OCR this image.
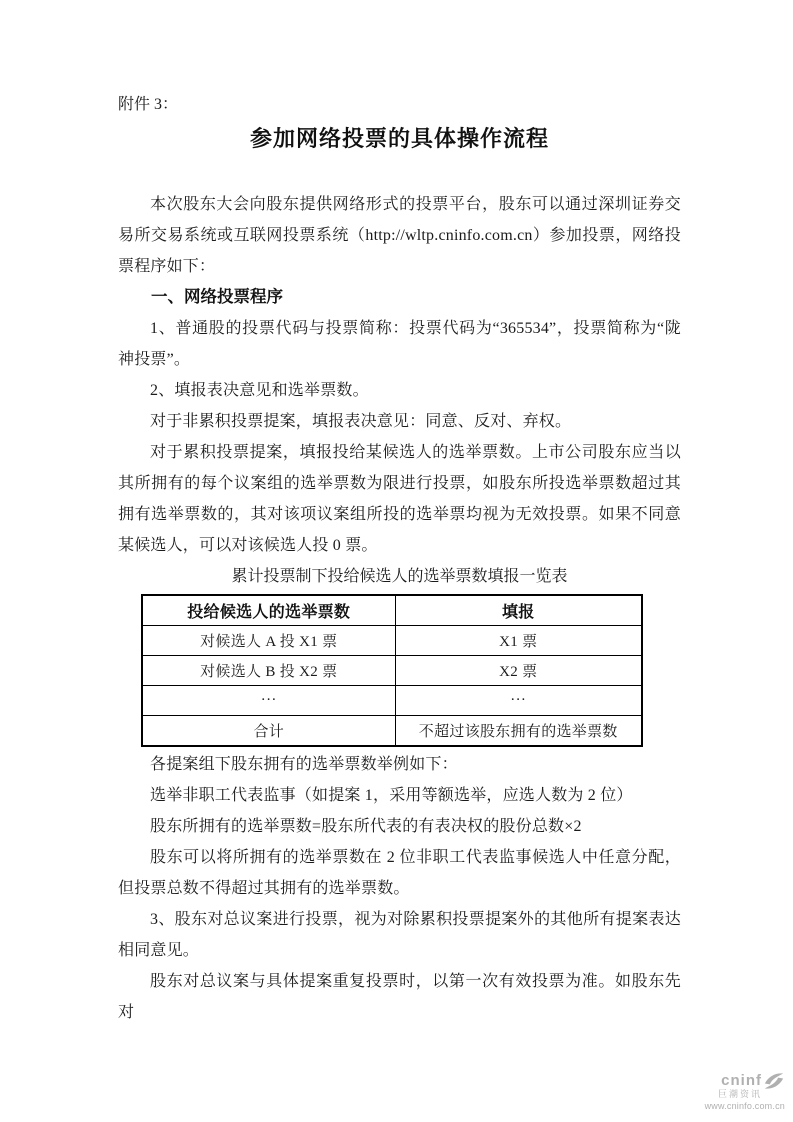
附件 3：
参加网络投票的具体操作流程

本次股东大会向股东提供网络形式的投票平台，股东可以通过深圳证券交易所交易系统或互联网投票系统（http://wltp.cninfo.com.cn）参加投票，网络投票程序如下：

一、网络投票程序

1、普通股的投票代码与投票简称：投票代码为“365534”，投票简称为“陇神投票”。

2、填报表决意见和选举票数。

对于非累积投票提案，填报表决意见：同意、反对、弃权。

对于累积投票提案，填报投给某候选人的选举票数。上市公司股东应当以其所拥有的每个议案组的选举票数为限进行投票，如股东所投选举票数超过其拥有选举票数的，其对该项议案组所投的选举票均视为无效投票。如果不同意某候选人，可以对该候选人投 0 票。

累计投票制下投给候选人的选举票数填报一览表
投给候选人的选举票数	填报
对候选人 A 投 X1 票	X1 票
对候选人 B 投 X2 票	X2 票
···	···
合计	不超过该股东拥有的选举票数

各提案组下股东拥有的选举票数举例如下：

选举非职工代表监事（如提案 1，采用等额选举，应选人数为 2 位）

股东所拥有的选举票数=股东所代表的有表决权的股份总数×2

股东可以将所拥有的选举票数在 2 位非职工代表监事候选人中任意分配，但投票总数不得超过其拥有的选举票数。

3、股东对总议案进行投票，视为对除累积投票提案外的其他所有提案表达相同意见。

股东对总议案与具体提案重复投票时，以第一次有效投票为准。如股东先对

cninf
巨潮资讯
www.cninfo.com.cn
